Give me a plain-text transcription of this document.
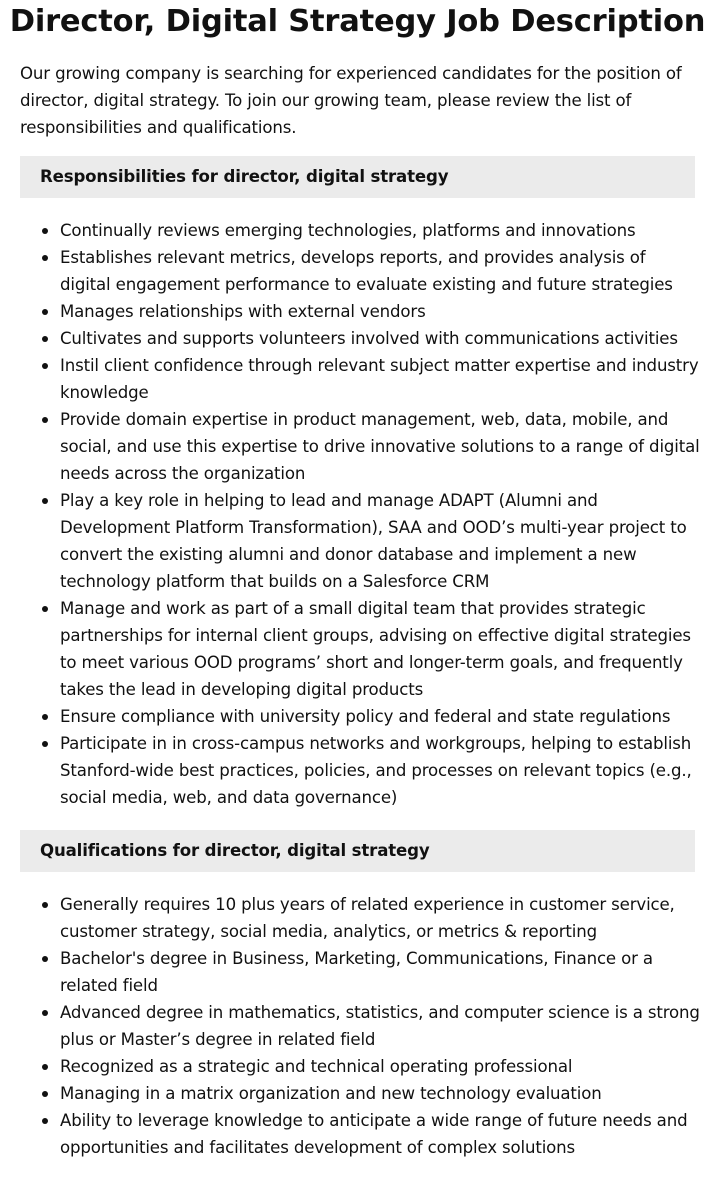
Director, Digital Strategy Job Description

Our growing company is searching for experienced candidates for the position of director, digital strategy. To join our growing team, please review the list of responsibilities and qualifications.

Responsibilities for director, digital strategy
Continually reviews emerging technologies, platforms and innovations
Establishes relevant metrics, develops reports, and provides analysis of digital engagement performance to evaluate existing and future strategies
Manages relationships with external vendors
Cultivates and supports volunteers involved with communications activities
Instil client confidence through relevant subject matter expertise and industry knowledge
Provide domain expertise in product management, web, data, mobile, and social, and use this expertise to drive innovative solutions to a range of digital needs across the organization
Play a key role in helping to lead and manage ADAPT (Alumni and Development Platform Transformation), SAA and OOD’s multi-year project to convert the existing alumni and donor database and implement a new technology platform that builds on a Salesforce CRM
Manage and work as part of a small digital team that provides strategic partnerships for internal client groups, advising on effective digital strategies to meet various OOD programs’ short and longer-term goals, and frequently takes the lead in developing digital products
Ensure compliance with university policy and federal and state regulations
Participate in in cross-campus networks and workgroups, helping to establish Stanford-wide best practices, policies, and processes on relevant topics (e.g., social media, web, and data governance)
Qualifications for director, digital strategy
Generally requires 10 plus years of related experience in customer service, customer strategy, social media, analytics, or metrics & reporting
Bachelor's degree in Business, Marketing, Communications, Finance or a related field
Advanced degree in mathematics, statistics, and computer science is a strong plus or Master’s degree in related field
Recognized as a strategic and technical operating professional
Managing in a matrix organization and new technology evaluation
Ability to leverage knowledge to anticipate a wide range of future needs and opportunities and facilitates development of complex solutions
